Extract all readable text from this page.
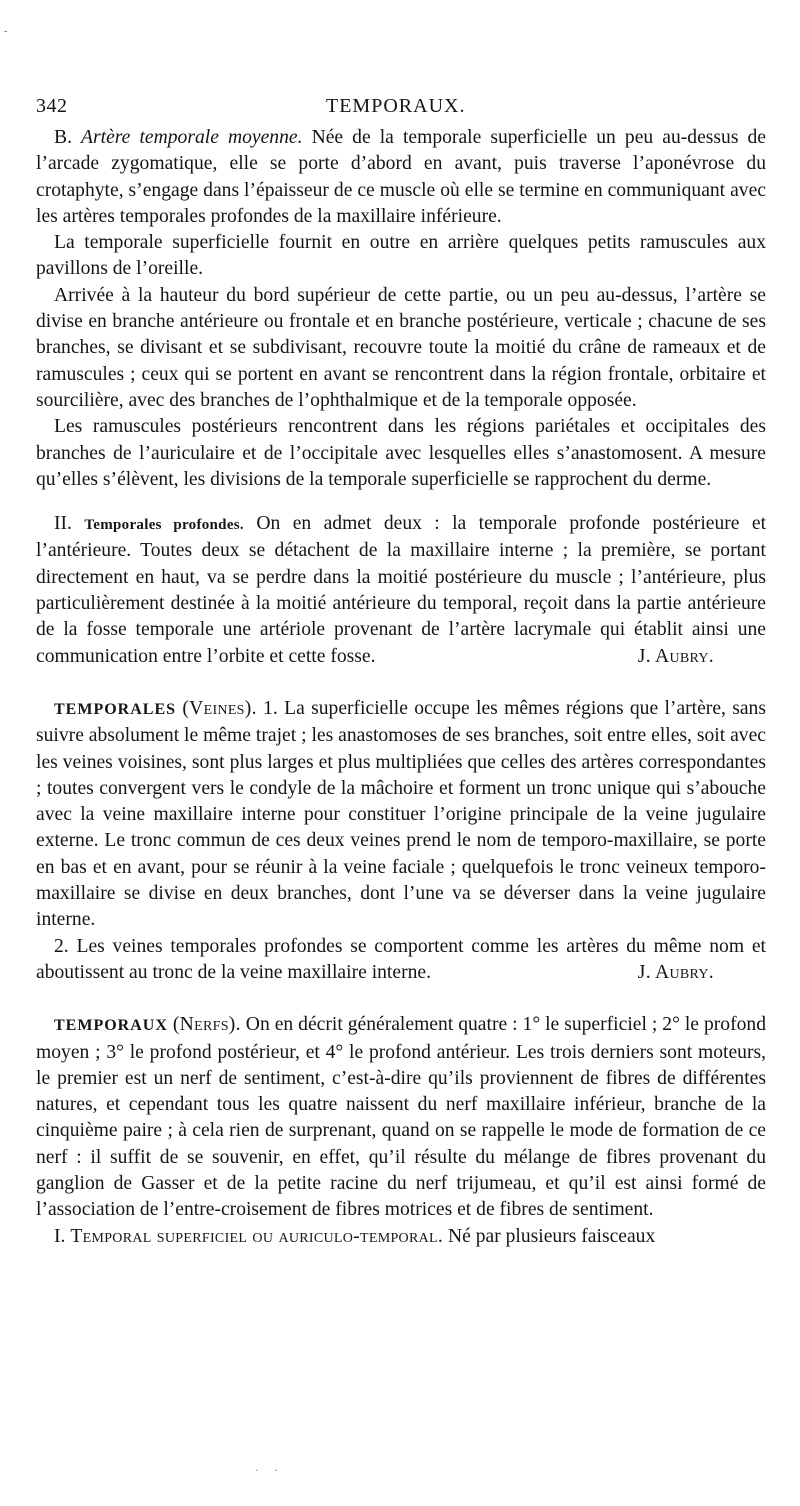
-
342	TEMPORAUX.

B. Artère temporale moyenne. Née de la temporale superficielle un peu au-dessus de l’arcade zygomatique, elle se porte d’abord en avant, puis traverse l’aponévrose du crotaphyte, s’engage dans l’épaisseur de ce muscle où elle se termine en communiquant avec les artères temporales profondes de la maxillaire inférieure.

La temporale superficielle fournit en outre en arrière quelques petits ramuscules aux pavillons de l’oreille.

Arrivée à la hauteur du bord supérieur de cette partie, ou un peu au-dessus, l’artère se divise en branche antérieure ou frontale et en branche postérieure, verticale ; chacune de ses branches, se divisant et se subdivisant, recouvre toute la moitié du crâne de rameaux et de ramuscules ; ceux qui se portent en avant se rencontrent dans la région frontale, orbitaire et sourcilière, avec des branches de l’ophthalmique et de la temporale opposée.

Les ramuscules postérieurs rencontrent dans les régions pariétales et occipitales des branches de l’auriculaire et de l’occipitale avec lesquelles elles s’anastomosent. A mesure qu’elles s’élèvent, les divisions de la temporale superficielle se rapprochent du derme.

II. Temporales profondes. On en admet deux : la temporale profonde postérieure et l’antérieure. Toutes deux se détachent de la maxillaire interne ; la première, se portant directement en haut, va se perdre dans la moitié postérieure du muscle ; l’antérieure, plus particulièrement destinée à la moitié antérieure du temporal, reçoit dans la partie antérieure de la fosse temporale une artériole provenant de l’artère lacrymale qui établit ainsi une communication entre l’orbite et cette fosse.	J. Aubry.

TEMPORALES (Veines). 1. La superficielle occupe les mêmes régions que l’artère, sans suivre absolument le même trajet ; les anastomoses de ses branches, soit entre elles, soit avec les veines voisines, sont plus larges et plus multipliées que celles des artères correspondantes ; toutes convergent vers le condyle de la mâchoire et forment un tronc unique qui s’abouche avec la veine maxillaire interne pour constituer l’origine principale de la veine jugulaire externe. Le tronc commun de ces deux veines prend le nom de temporo-maxillaire, se porte en bas et en avant, pour se réunir à la veine faciale ; quelquefois le tronc veineux temporo-maxillaire se divise en deux branches, dont l’une va se déverser dans la veine jugulaire interne.

2. Les veines temporales profondes se comportent comme les artères du même nom et aboutissent au tronc de la veine maxillaire interne.	J. Aubry.

TEMPORAUX (Nerfs). On en décrit généralement quatre : 1° le superficiel ; 2° le profond moyen ; 3° le profond postérieur, et 4° le profond antérieur. Les trois derniers sont moteurs, le premier est un nerf de sentiment, c’est-à-dire qu’ils proviennent de fibres de différentes natures, et cependant tous les quatre naissent du nerf maxillaire inférieur, branche de la cinquième paire ; à cela rien de surprenant, quand on se rappelle le mode de formation de ce nerf : il suffit de se souvenir, en effet, qu’il résulte du mélange de fibres provenant du ganglion de Gasser et de la petite racine du nerf trijumeau, et qu’il est ainsi formé de l’association de l’entre-croisement de fibres motrices et de fibres de sentiment.

I. Temporal superficiel ou auriculo-temporal. Né par plusieurs faisceaux

· ·
